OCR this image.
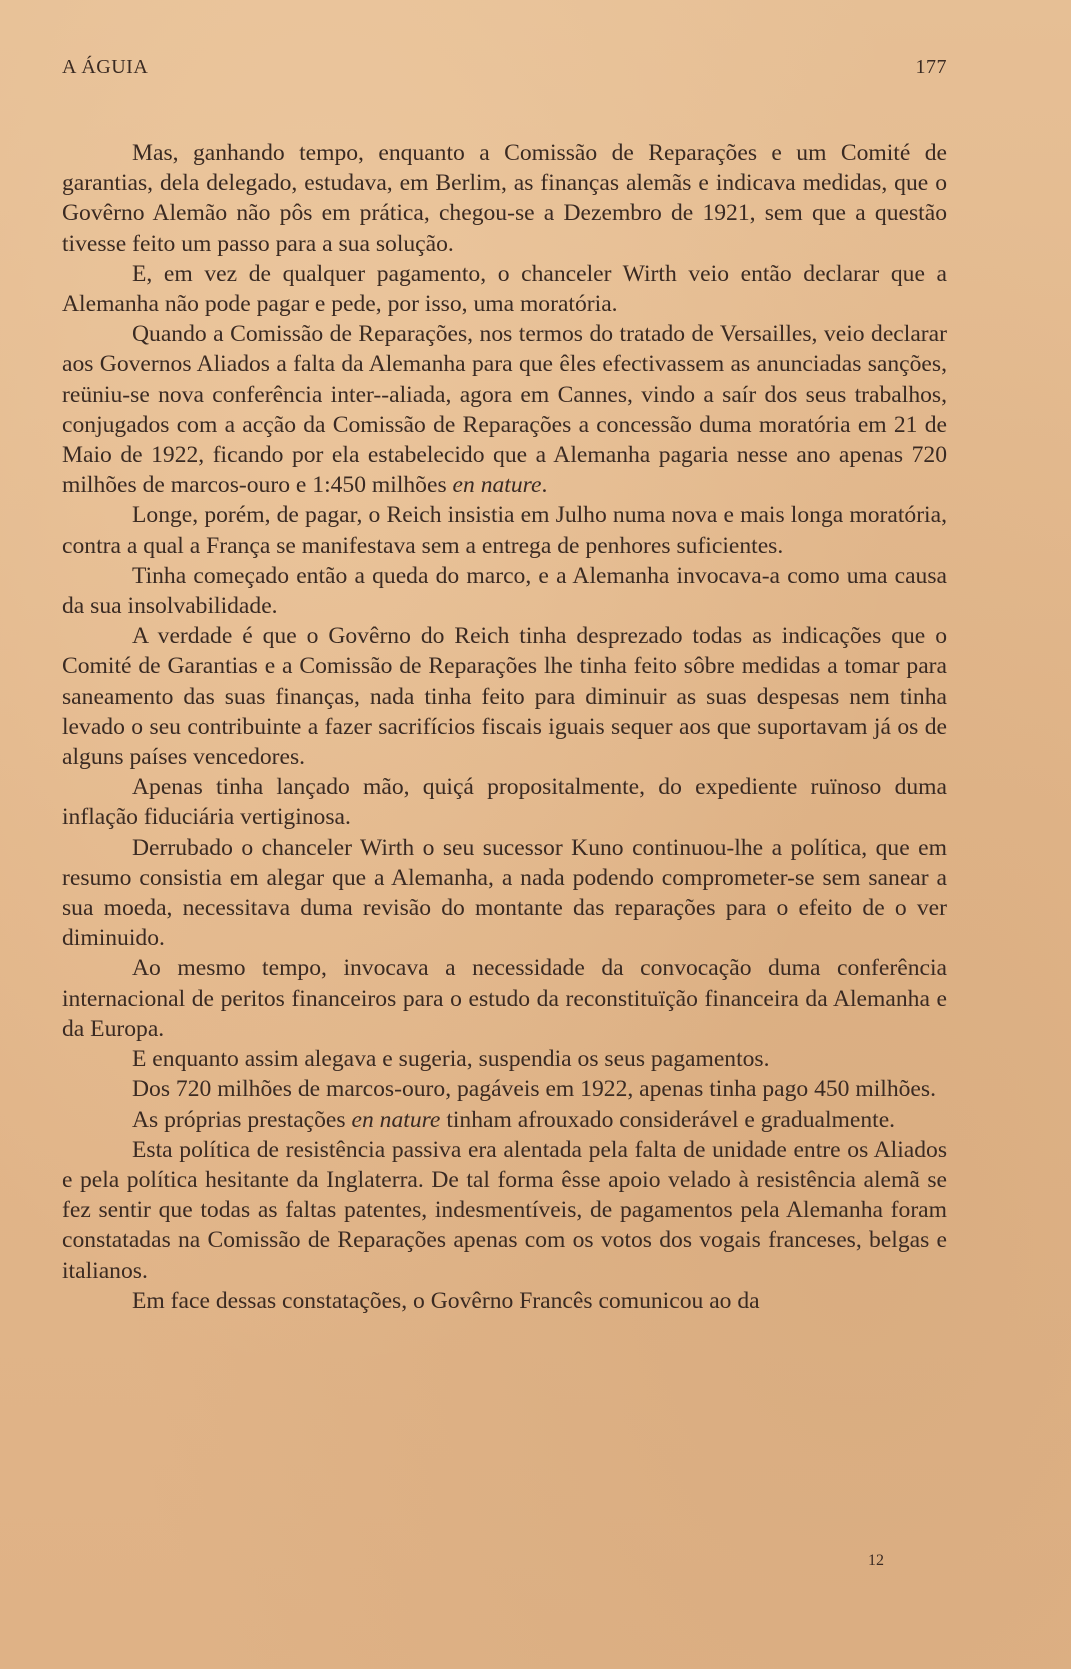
A ÁGUIA	177

Mas, ganhando tempo, enquanto a Comissão de Reparações e um Comité de garantias, dela delegado, estudava, em Berlim, as finanças alemãs e indicava medidas, que o Govêrno Alemão não pôs em prática, chegou-se a Dezembro de 1921, sem que a questão tivesse feito um passo para a sua solução.

E, em vez de qualquer pagamento, o chanceler Wirth veio então declarar que a Alemanha não pode pagar e pede, por isso, uma moratória.

Quando a Comissão de Reparações, nos termos do tratado de Versailles, veio declarar aos Governos Aliados a falta da Alemanha para que êles efectivassem as anunciadas sanções, reüniu-se nova conferência inter--aliada, agora em Cannes, vindo a saír dos seus trabalhos, conjugados com a acção da Comissão de Reparações a concessão duma moratória em 21 de Maio de 1922, ficando por ela estabelecido que a Alemanha pagaria nesse ano apenas 720 milhões de marcos-ouro e 1:450 milhões en nature.

Longe, porém, de pagar, o Reich insistia em Julho numa nova e mais longa moratória, contra a qual a França se manifestava sem a entrega de penhores suficientes.

Tinha começado então a queda do marco, e a Alemanha invocava-a como uma causa da sua insolvabilidade.

A verdade é que o Govêrno do Reich tinha desprezado todas as indicações que o Comité de Garantias e a Comissão de Reparações lhe tinha feito sôbre medidas a tomar para saneamento das suas finanças, nada tinha feito para diminuir as suas despesas nem tinha levado o seu contribuinte a fazer sacrifícios fiscais iguais sequer aos que suportavam já os de alguns países vencedores.

Apenas tinha lançado mão, quiçá propositalmente, do expediente ruïnoso duma inflação fiduciária vertiginosa.

Derrubado o chanceler Wirth o seu sucessor Kuno continuou-lhe a política, que em resumo consistia em alegar que a Alemanha, a nada podendo comprometer-se sem sanear a sua moeda, necessitava duma revisão do montante das reparações para o efeito de o ver diminuido.

Ao mesmo tempo, invocava a necessidade da convocação duma conferência internacional de peritos financeiros para o estudo da reconstituïção financeira da Alemanha e da Europa.

E enquanto assim alegava e sugeria, suspendia os seus pagamentos.

Dos 720 milhões de marcos-ouro, pagáveis em 1922, apenas tinha pago 450 milhões.

As próprias prestações en nature tinham afrouxado considerável e gradualmente.

Esta política de resistência passiva era alentada pela falta de unidade entre os Aliados e pela política hesitante da Inglaterra. De tal forma êsse apoio velado à resistência alemã se fez sentir que todas as faltas patentes, indesmentíveis, de pagamentos pela Alemanha foram constatadas na Comissão de Reparações apenas com os votos dos vogais franceses, belgas e italianos.

Em face dessas constatações, o Govêrno Francês comunicou ao da

12
